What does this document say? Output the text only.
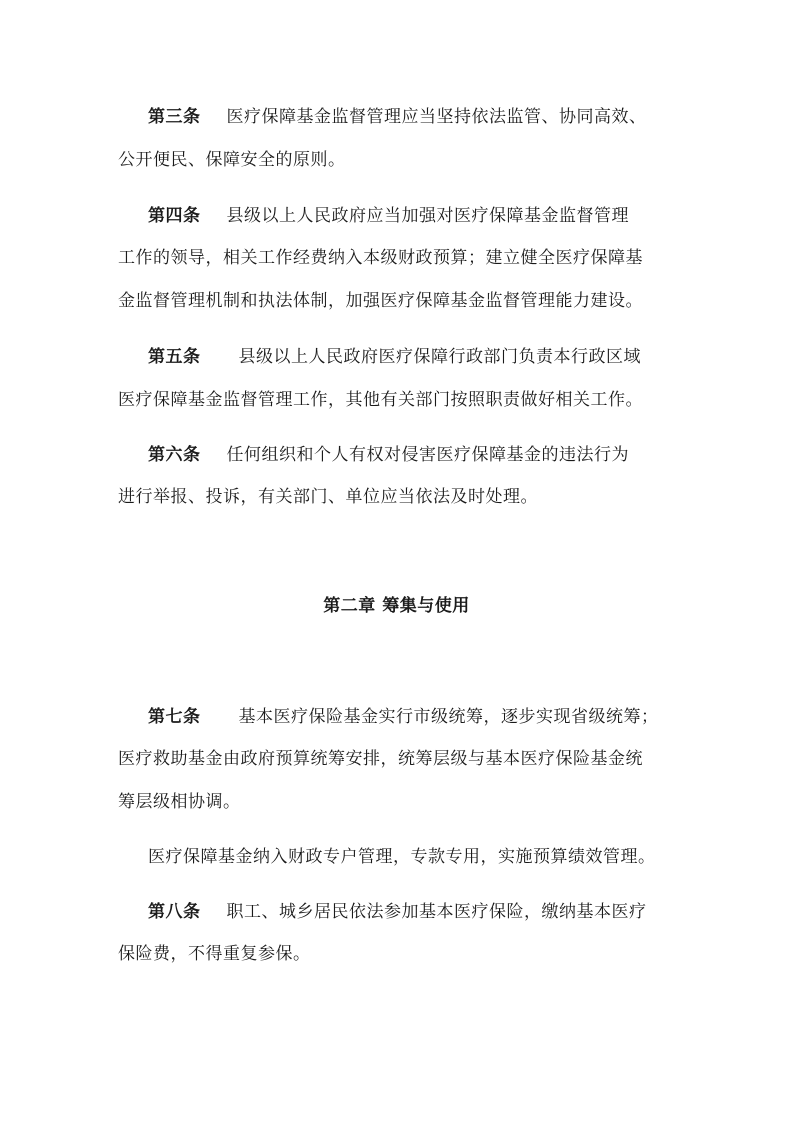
第三条 医疗保障基金监督管理应当坚持依法监管、协同高效、
公开便民、保障安全的原则。
第四条 县级以上人民政府应当加强对医疗保障基金监督管理
工作的领导，相关工作经费纳入本级财政预算；建立健全医疗保障基
金监督管理机制和执法体制，加强医疗保障基金监督管理能力建设。
第五条 县级以上人民政府医疗保障行政部门负责本行政区域
医疗保障基金监督管理工作，其他有关部门按照职责做好相关工作。
第六条 任何组织和个人有权对侵害医疗保障基金的违法行为
进行举报、投诉，有关部门、单位应当依法及时处理。
第二章 筹集与使用
第七条 基本医疗保险基金实行市级统筹，逐步实现省级统筹；
医疗救助基金由政府预算统筹安排，统筹层级与基本医疗保险基金统
筹层级相协调。
医疗保障基金纳入财政专户管理，专款专用，实施预算绩效管理。
第八条 职工、城乡居民依法参加基本医疗保险，缴纳基本医疗
保险费，不得重复参保。
